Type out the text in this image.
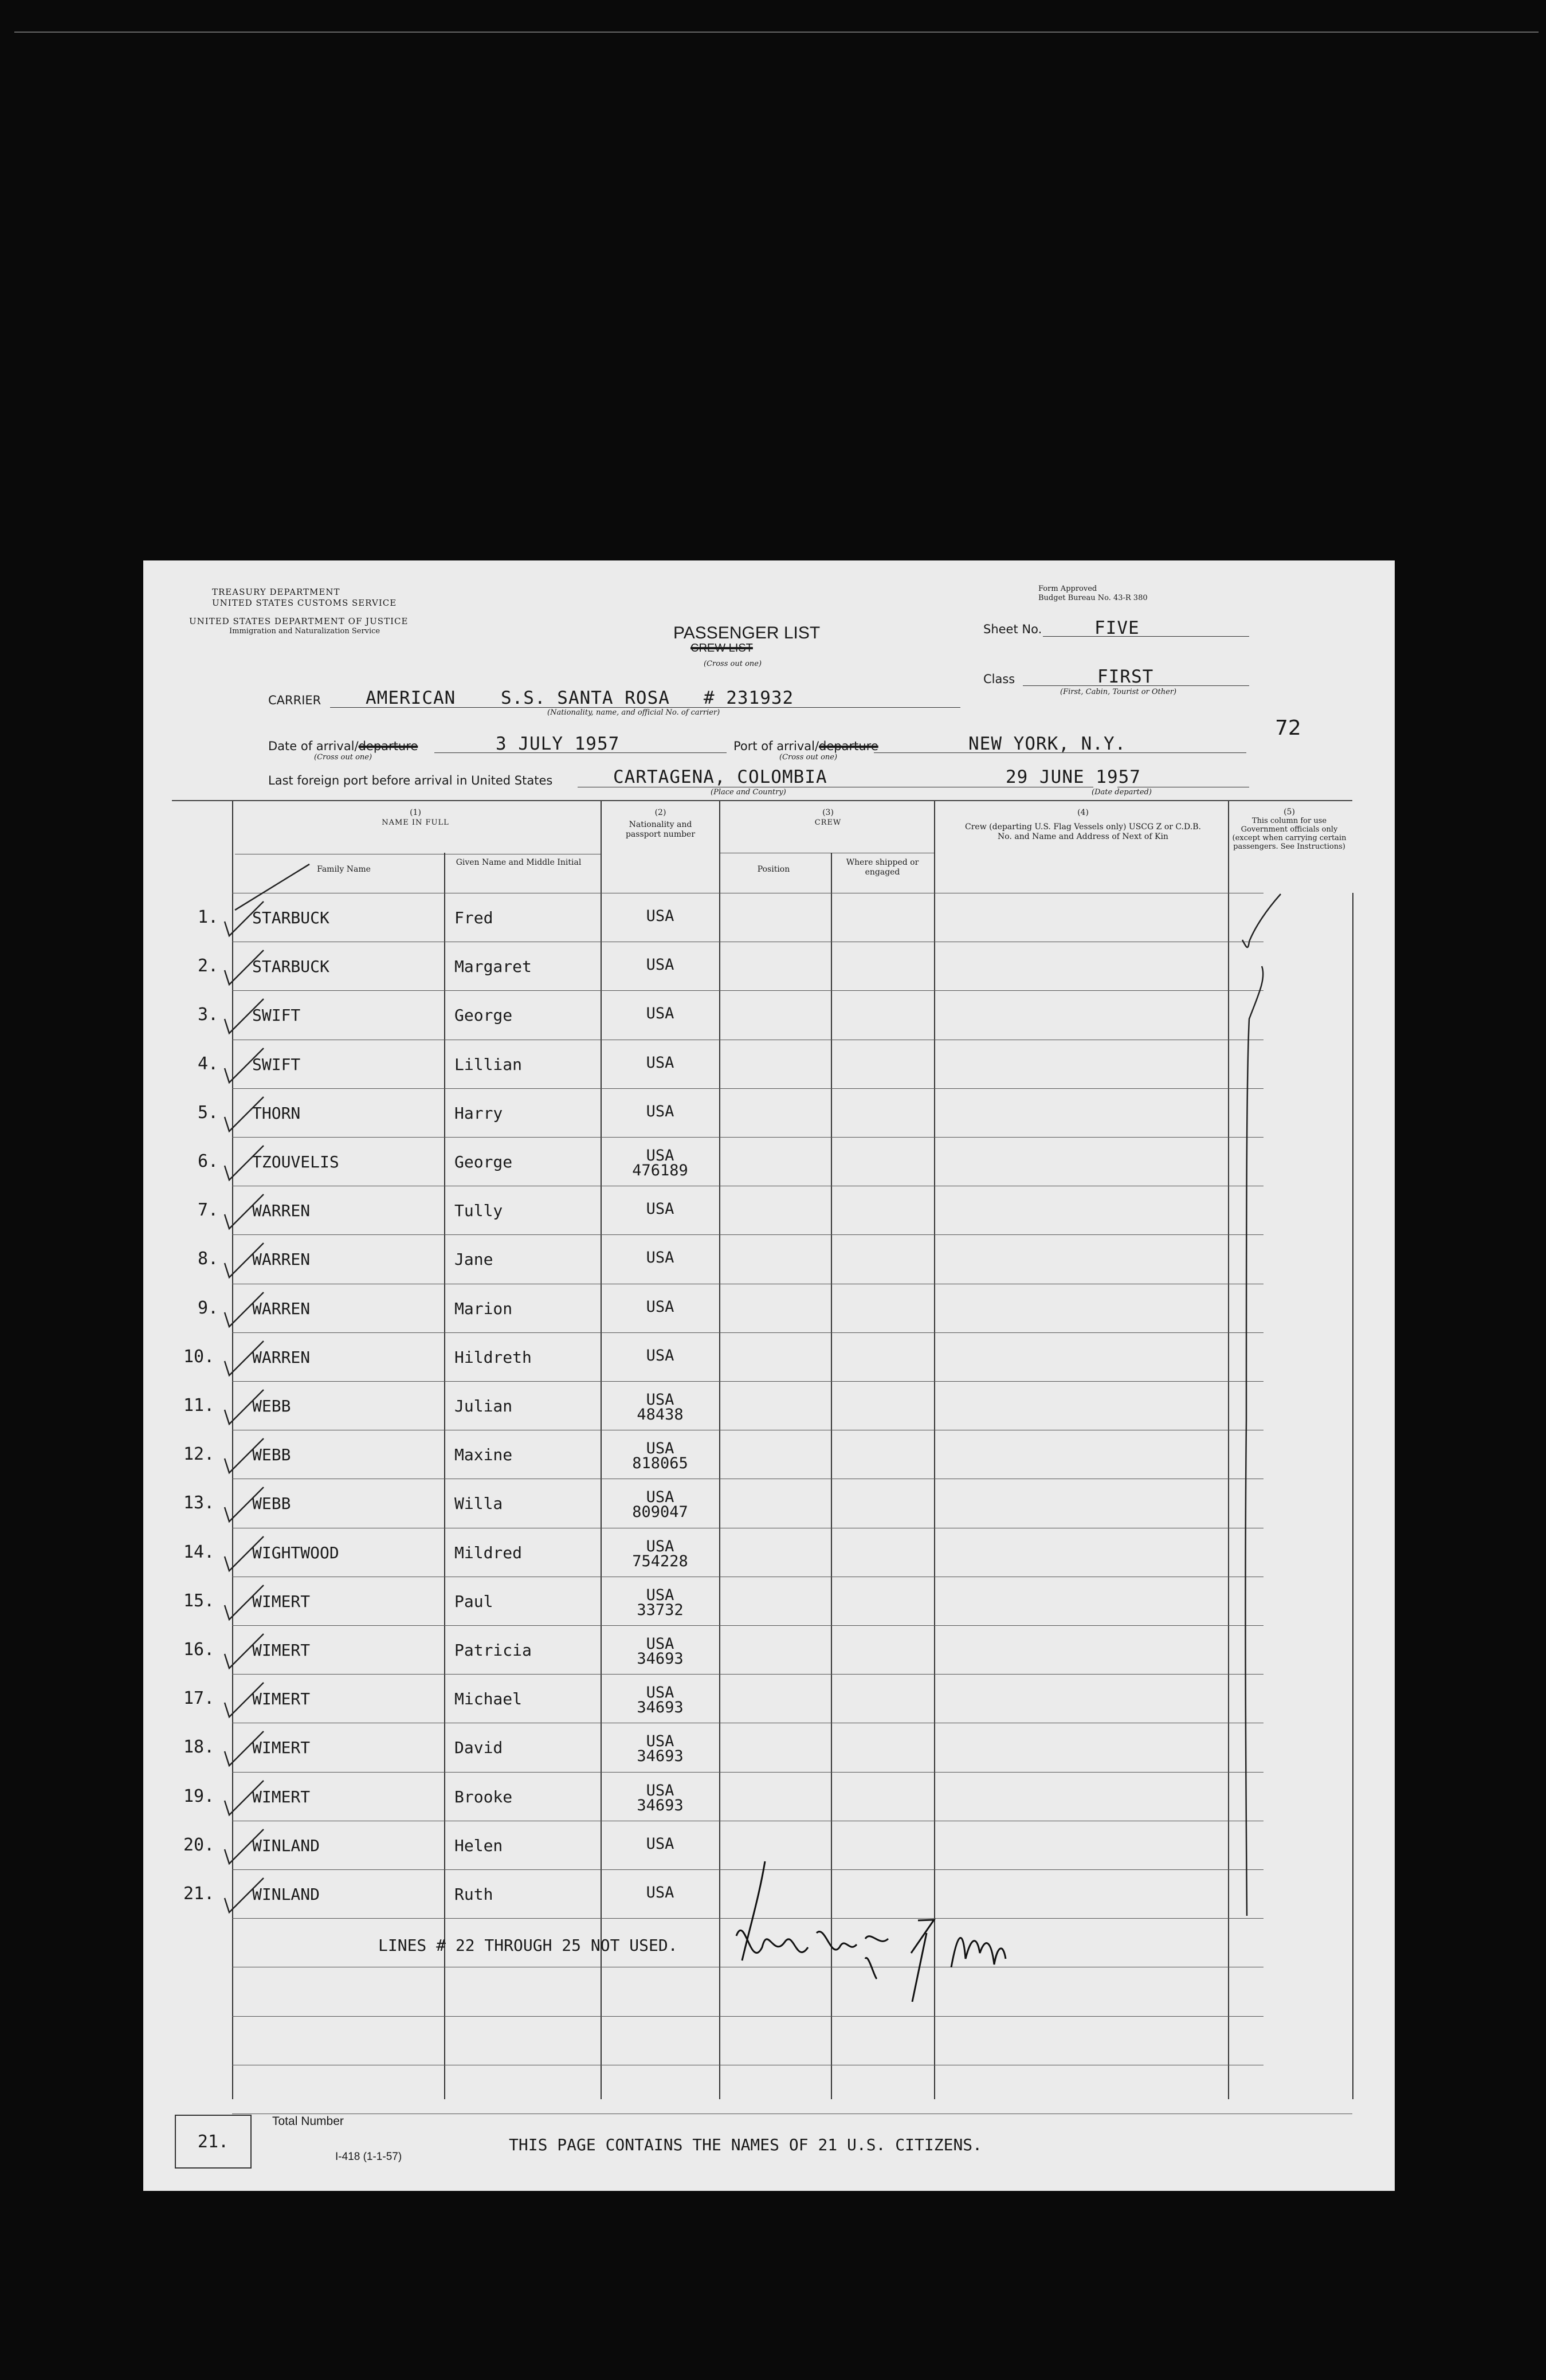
TREASURY DEPARTMENT
UNITED STATES CUSTOMS SERVICE
UNITED STATES DEPARTMENT OF JUSTICE
Immigration and Naturalization Service
Form Approved
Budget Bureau No. 43-R 380
PASSENGER LIST
CREW LIST
(Cross out one)
Sheet No.	FIVE
Class	FIRST
(First, Cabin, Tourist or Other)
CARRIER	AMERICAN    S.S. SANTA ROSA   # 231932
(Nationality, name, and official No. of carrier)
72
Date of arrival/departure	3 JULY 1957
(Cross out one)
Port of arrival/departure	NEW YORK, N.Y.
(Cross out one)
Last foreign port before arrival in United States	CARTAGENA, COLOMBIA
(Place and Country)
29 JUNE 1957
(Date departed)
(1)
NAME IN FULL
Family Name
Given Name and Middle Initial
(2)
Nationality and passport number
(3)
CREW
Position
Where shipped or engaged
(4)
Crew (departing U.S. Flag Vessels only) USCG Z or C.D.B. No. and Name and Address of Next of Kin
(5)
This column for use Government officials only (except when carrying certain passengers. See Instructions)
1. STARBUCK	Fred	USA
2. STARBUCK	Margaret	USA
3. SWIFT	George	USA
4. SWIFT	Lillian	USA
5. THORN	Harry	USA
6. TZOUVELIS	George	USA
476189
7. WARREN	Tully	USA
8. WARREN	Jane	USA
9. WARREN	Marion	USA
10. WARREN	Hildreth	USA
11. WEBB	Julian	USA
48438
12. WEBB	Maxine	USA
818065
13. WEBB	Willa	USA
809047
14. WIGHTWOOD	Mildred	USA
754228
15. WIMERT	Paul	USA
33732
16. WIMERT	Patricia	USA
34693
17. WIMERT	Michael	USA
34693
18. WIMERT	David	USA
34693
19. WIMERT	Brooke	USA
34693
20. WINLAND	Helen	USA
21. WINLAND	Ruth	USA
LINES # 22 THROUGH 25 NOT USED.
21.
Total Number
I-418 (1-1-57)
THIS PAGE CONTAINS THE NAMES OF 21 U.S. CITIZENS.
